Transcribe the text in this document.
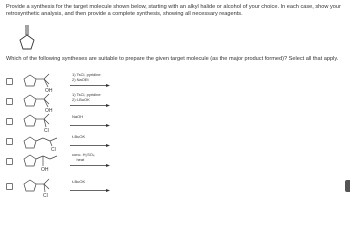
Provide a synthesis for the target molecule shown below, starting with an alkyl halide or alcohol of your choice. In each case, show your retrosynthetic analysis, and then provide a complete synthesis, showing all necessary reagents.
Which of the following syntheses are suitable to prepare the given target molecule (as the major product formed)? Select all that apply.
OH
1) TsCl, pyridine
2) NaOEt
OH
1) TsCl, pyridine
2) t-BuOK
Cl
NaOH
Cl
t-BuOK
OH
conc. H₂SO₄
heat
Cl
t-BuOK
